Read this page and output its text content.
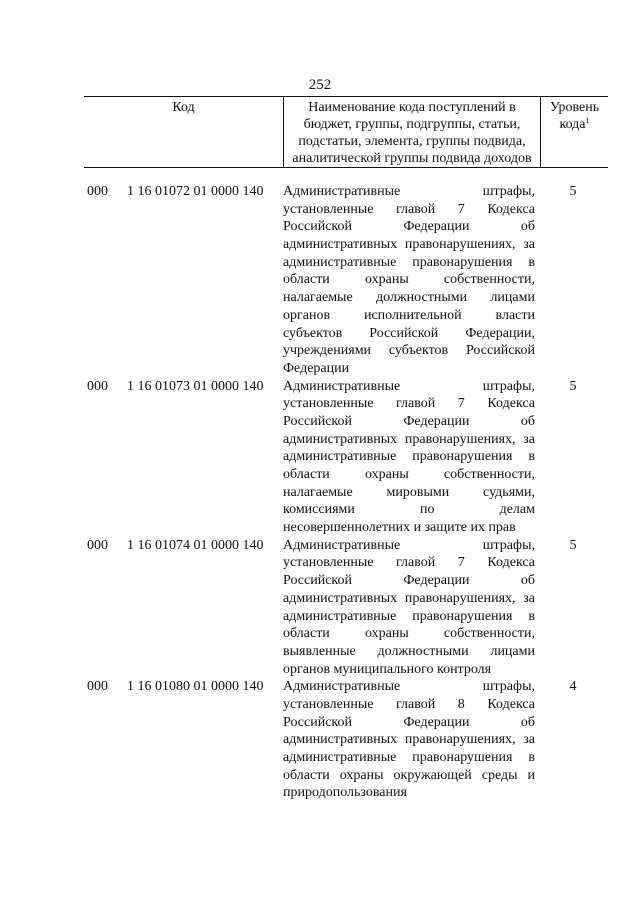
252
Код	Наименование кода поступлений в
бюджет, группы, подгруппы, статьи,
подстатьи, элемента, группы подвида,
аналитической группы подвида доходов
Уровень
кода$^1$
000 1 16 01072 01 0000 140 Административные штрафы,
установленные главой 7 Кодекса
Российской Федерации об
административных правонарушениях, за
административные правонарушения в
области охраны собственности,
налагаемые должностными лицами
органов исполнительной власти
субъектов Российской Федерации,
учреждениями субъектов Российской
Федерации
5
000 1 16 01073 01 0000 140 Административные штрафы,
установленные главой 7 Кодекса
Российской Федерации об
административных правонарушениях, за
административные правонарушения в
области охраны собственности,
налагаемые мировыми судьями,
комиссиями по делам
несовершеннолетних и защите их прав
5
000 1 16 01074 01 0000 140 Административные штрафы,
установленные главой 7 Кодекса
Российской Федерации об
административных правонарушениях, за
административные правонарушения в
области охраны собственности,
выявленные должностными лицами
органов муниципального контроля
5
000 1 16 01080 01 0000 140 Административные штрафы,
установленные главой 8 Кодекса
Российской Федерации об
административных правонарушениях, за
административные правонарушения в
области охраны окружающей среды и
природопользования
4
